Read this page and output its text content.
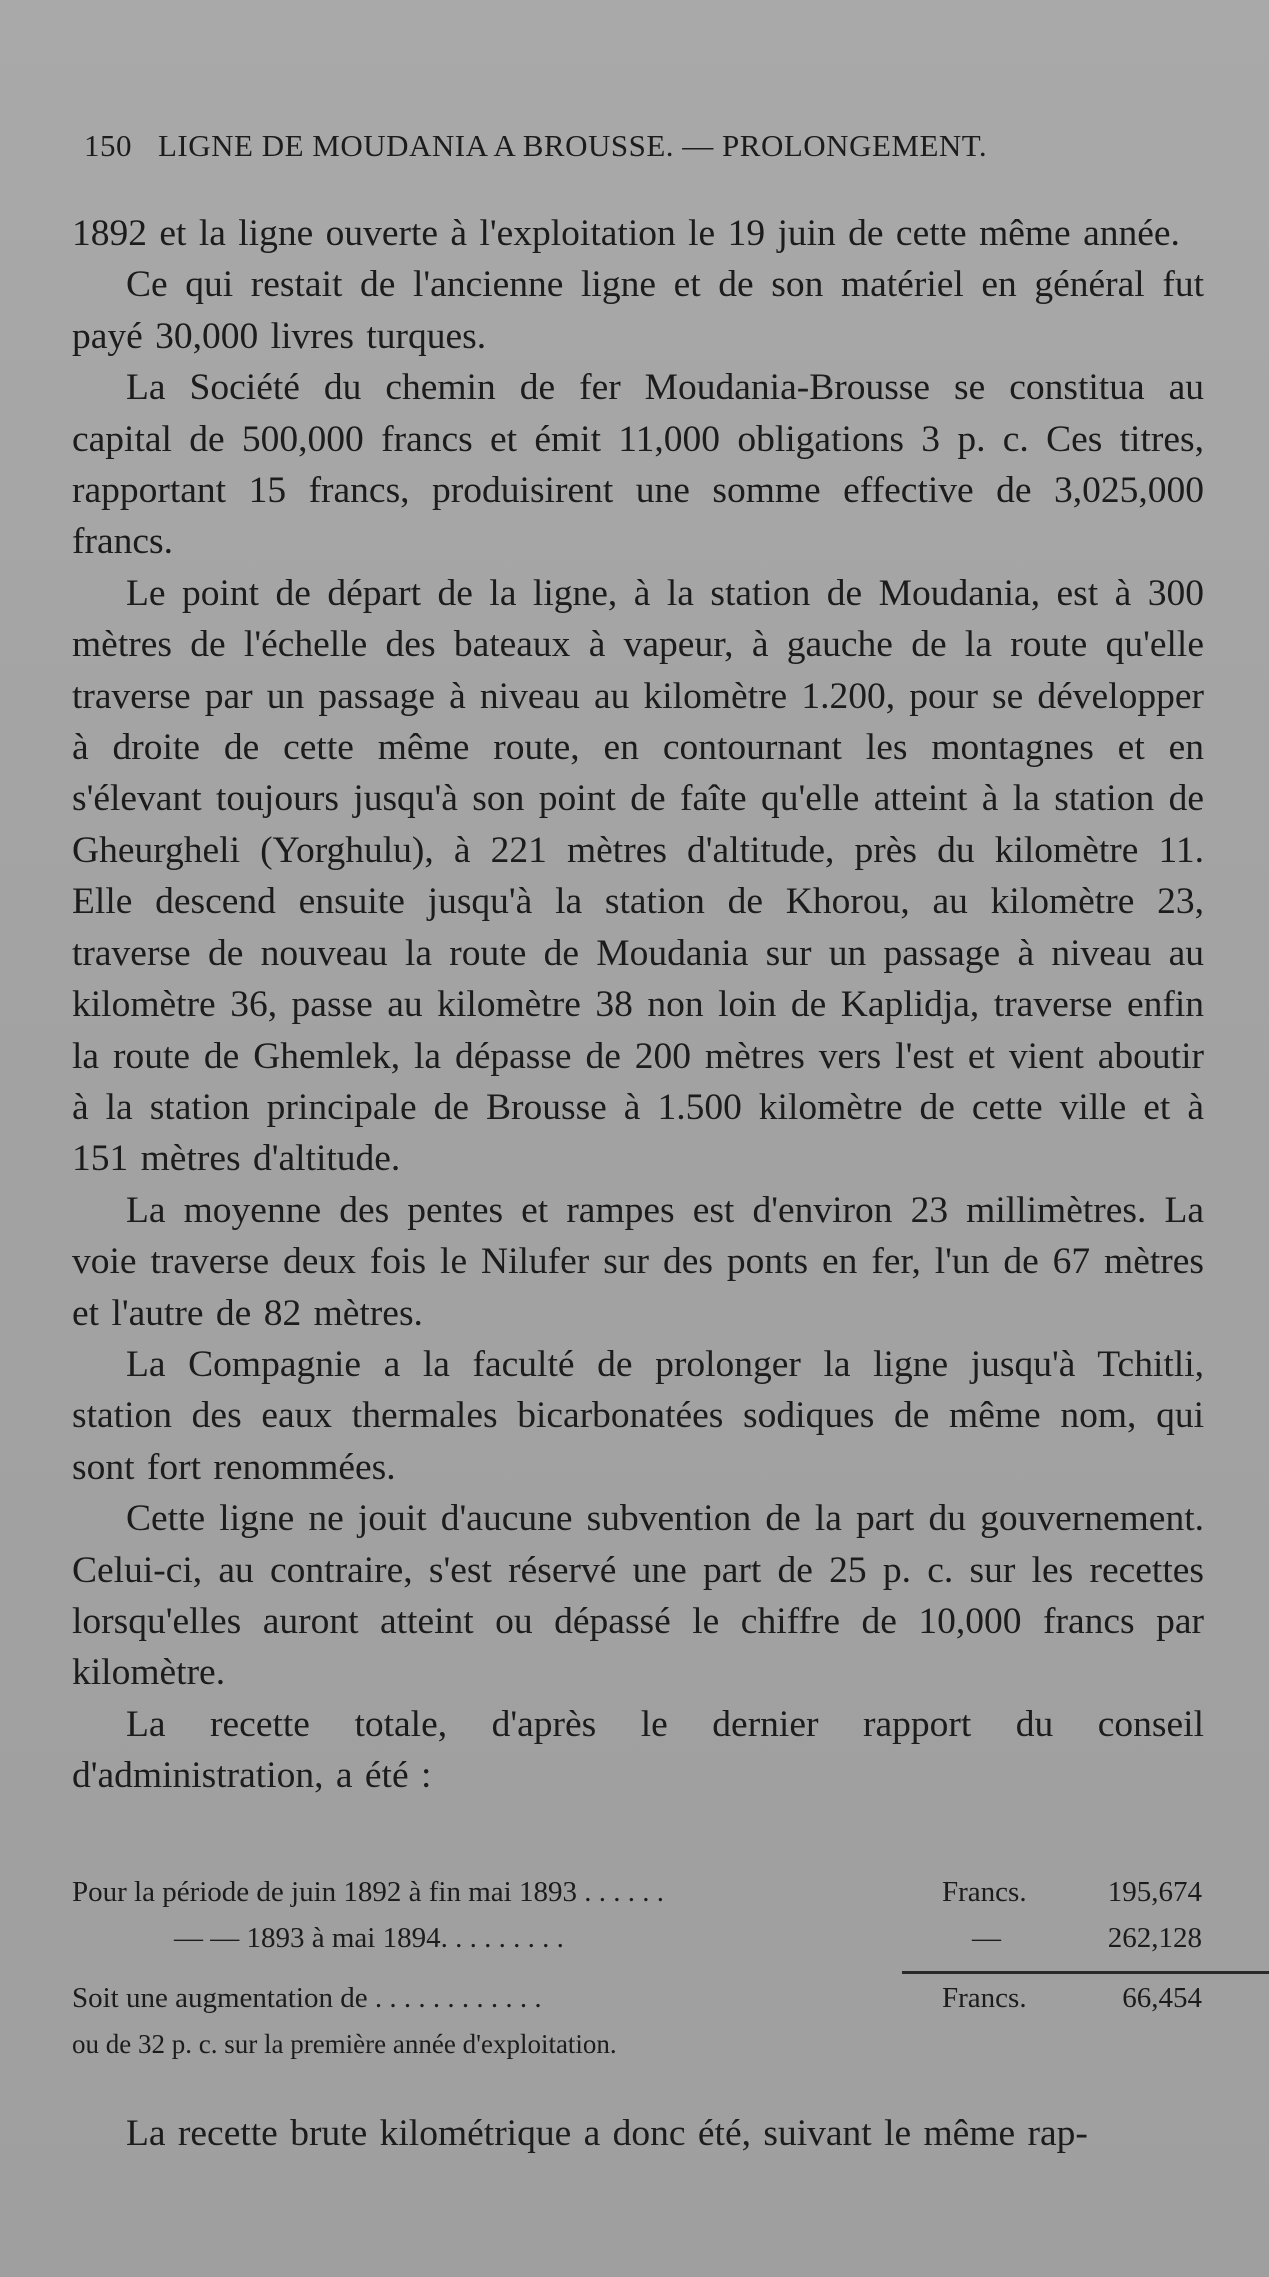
150 LIGNE DE MOUDANIA A BROUSSE. — PROLONGEMENT.

1892 et la ligne ouverte à l'exploitation le 19 juin de cette même année.

Ce qui restait de l'ancienne ligne et de son matériel en général fut payé 30,000 livres turques.

La Société du chemin de fer Moudania-Brousse se constitua au capital de 500,000 francs et émit 11,000 obligations 3 p. c. Ces titres, rapportant 15 francs, produisirent une somme effective de 3,025,000 francs.

Le point de départ de la ligne, à la station de Moudania, est à 300 mètres de l'échelle des bateaux à vapeur, à gauche de la route qu'elle traverse par un passage à niveau au kilomètre 1.200, pour se développer à droite de cette même route, en contournant les montagnes et en s'élevant toujours jusqu'à son point de faîte qu'elle atteint à la station de Gheurgheli (Yorghulu), à 221 mètres d'altitude, près du kilomètre 11. Elle descend ensuite jusqu'à la station de Khorou, au kilomètre 23, traverse de nouveau la route de Moudania sur un passage à niveau au kilomètre 36, passe au kilomètre 38 non loin de Kaplidja, traverse enfin la route de Ghemlek, la dépasse de 200 mètres vers l'est et vient aboutir à la station principale de Brousse à 1.500 kilomètre de cette ville et à 151 mètres d'altitude.

La moyenne des pentes et rampes est d'environ 23 millimètres. La voie traverse deux fois le Nilufer sur des ponts en fer, l'un de 67 mètres et l'autre de 82 mètres.

La Compagnie a la faculté de prolonger la ligne jusqu'à Tchitli, station des eaux thermales bicarbonatées sodiques de même nom, qui sont fort renommées.

Cette ligne ne jouit d'aucune subvention de la part du gouvernement. Celui-ci, au contraire, s'est réservé une part de 25 p. c. sur les recettes lorsqu'elles auront atteint ou dépassé le chiffre de 10,000 francs par kilomètre.

La recette totale, d'après le dernier rapport du conseil d'administration, a été :

Pour la période de juin 1892 à fin mai 1893 . . . . . .	Francs.	195,674
— — 1893 à mai 1894. . . . . . . . .	—	262,128
Soit une augmentation de . . . . . . . . . . . .	Francs.	66,454
ou de 32 p. c. sur la première année d'exploitation.
La recette brute kilométrique a donc été, suivant le même rap-
